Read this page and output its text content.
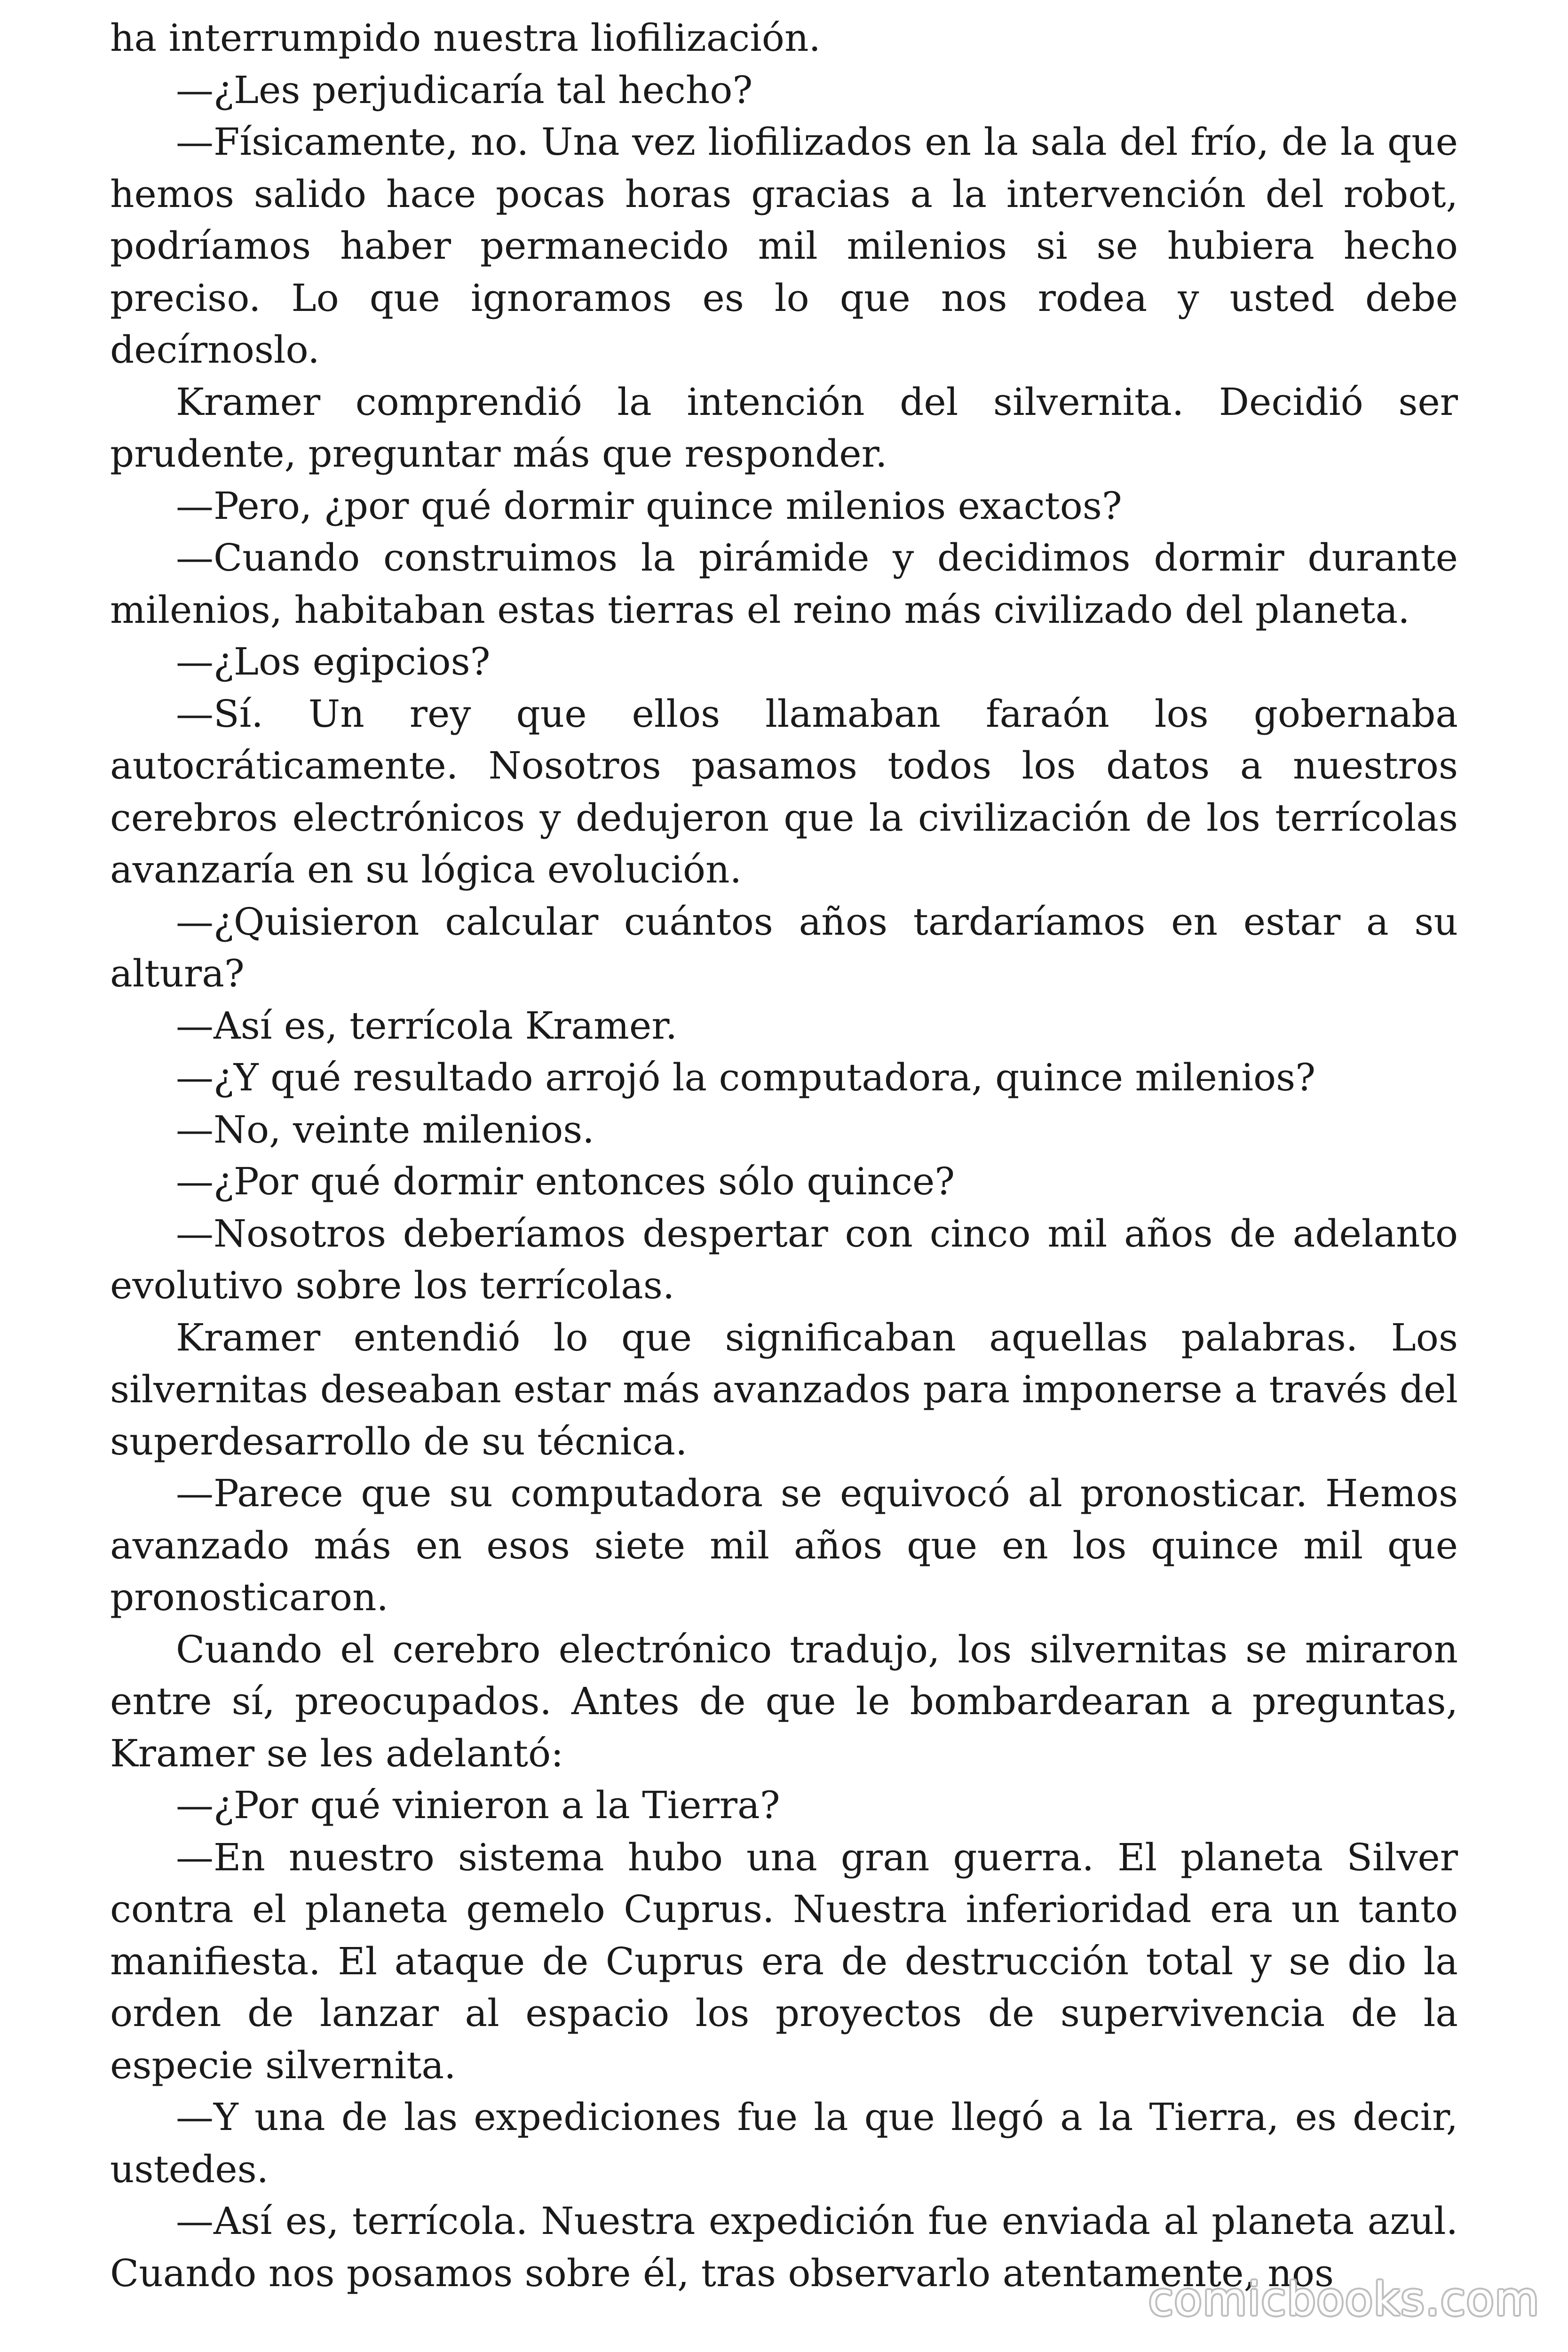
ha interrumpido nuestra liofilización.

—¿Les perjudicaría tal hecho?

—Físicamente, no. Una vez liofilizados en la sala del frío, de la que hemos salido hace pocas horas gracias a la intervención del robot, podríamos haber permanecido mil milenios si se hubiera hecho preciso. Lo que ignoramos es lo que nos rodea y usted debe decírnoslo.

Kramer comprendió la intención del silvernita. Decidió ser prudente, preguntar más que responder.

—Pero, ¿por qué dormir quince milenios exactos?

—Cuando construimos la pirámide y decidimos dormir durante milenios, habitaban estas tierras el reino más civilizado del planeta.

—¿Los egipcios?

—Sí. Un rey que ellos llamaban faraón los gobernaba autocráticamente. Nosotros pasamos todos los datos a nuestros cerebros electrónicos y dedujeron que la civilización de los terrícolas avanzaría en su lógica evolución.

—¿Quisieron calcular cuántos años tardaríamos en estar a su altura?

—Así es, terrícola Kramer.

—¿Y qué resultado arrojó la computadora, quince milenios?

—No, veinte milenios.

—¿Por qué dormir entonces sólo quince?

—Nosotros deberíamos despertar con cinco mil años de adelanto evolutivo sobre los terrícolas.

Kramer entendió lo que significaban aquellas palabras. Los silvernitas deseaban estar más avanzados para imponerse a través del superdesarrollo de su técnica.

—Parece que su computadora se equivocó al pronosticar. Hemos avanzado más en esos siete mil años que en los quince mil que pronosticaron.

Cuando el cerebro electrónico tradujo, los silvernitas se miraron entre sí, preocupados. Antes de que le bombardearan a preguntas, Kramer se les adelantó:

—¿Por qué vinieron a la Tierra?

—En nuestro sistema hubo una gran guerra. El planeta Silver contra el planeta gemelo Cuprus. Nuestra inferioridad era un tanto manifiesta. El ataque de Cuprus era de destrucción total y se dio la orden de lanzar al espacio los proyectos de supervivencia de la especie silvernita.

—Y una de las expediciones fue la que llegó a la Tierra, es decir, ustedes.

—Así es, terrícola. Nuestra expedición fue enviada al planeta azul. Cuando nos posamos sobre él, tras observarlo atentamente, nos

comicbooks.com
